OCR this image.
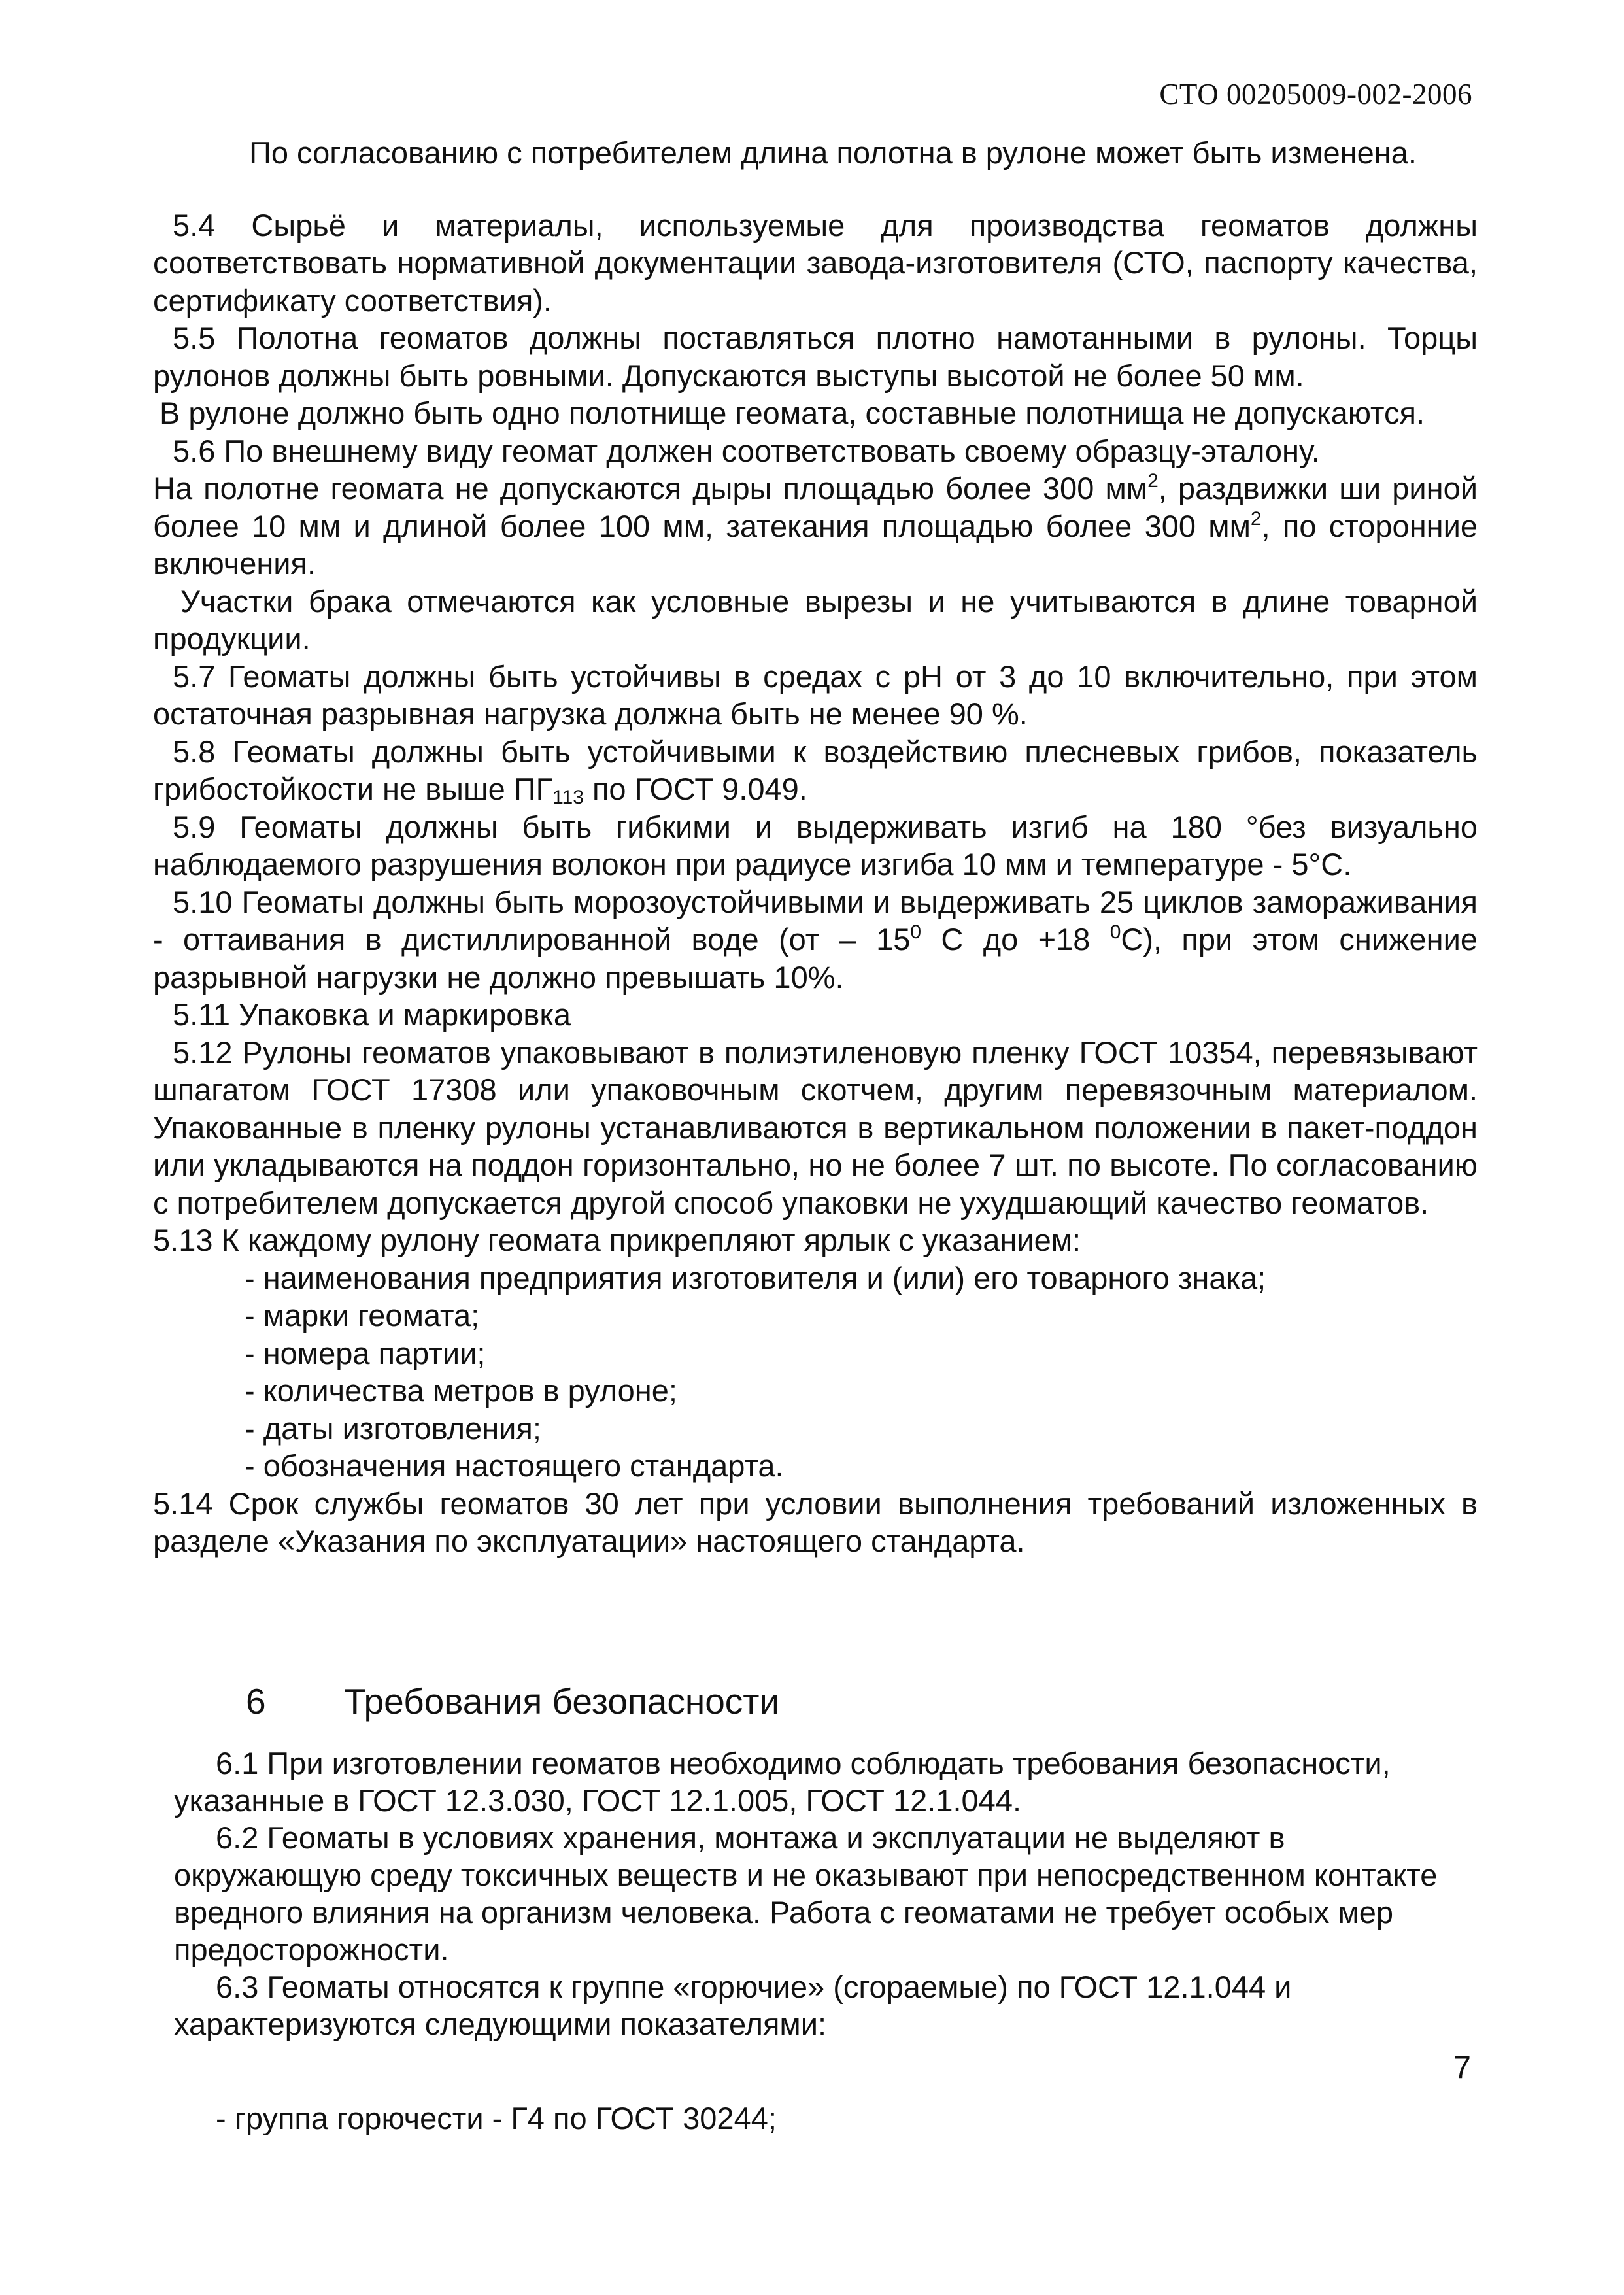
СТО 00205009-002-2006

По согласованию с потребителем длина полотна в рулоне может быть изменена.

5.4 Сырьё и материалы, используемые для производства геоматов должны соответствовать нормативной документации завода-изготовителя (СТО, паспорту качества, сертификату соответствия).

5.5 Полотна геоматов должны поставляться плотно намотанными в рулоны. Торцы рулонов должны быть ровными. Допускаются выступы высотой не более 50 мм.

В рулоне должно быть одно полотнище геомата, составные полотнища не допускаются.

5.6 По внешнему виду геомат должен соответствовать своему образцу-эталону.

На полотне геомата не допускаются дыры площадью более 300 $мм^2$, раздвижки ши риной более 10 мм и длиной более 100 мм, затекания площадью более 300 $мм^2$, по сторонние включения.

Участки брака отмечаются как условные вырезы и не учитываются в длине товарной продукции.

5.7 Геоматы должны быть устойчивы в средах с рН от 3 до 10 включительно, при этом остаточная разрывная нагрузка должна быть не менее 90 %.

5.8 Геоматы должны быть устойчивыми к воздействию плесневых грибов, показатель грибостойкости не выше $ПГ_{113}$ по ГОСТ 9.049.

5.9 Геоматы должны быть гибкими и выдерживать изгиб на 180 °без визуально наблюдаемого разрушения волокон при радиусе изгиба 10 мм и температуре - 5°С.

5.10 Геоматы должны быть морозоустойчивыми и выдерживать 25 циклов замораживания - оттаивания в дистиллированной воде ($от - 15^0$ С до +18 $^0$С), при этом снижение разрывной нагрузки не должно превышать 10%.

5.11 Упаковка и маркировка

5.12 Рулоны геоматов упаковывают в полиэтиленовую пленку ГОСТ 10354, перевязывают шпагатом ГОСТ 17308 или упаковочным скотчем, другим перевязочным материалом. Упакованные в пленку рулоны устанавливаются в вертикальном положении в пакет-поддон или укладываются на поддон горизонтально, но не более 7 шт. по высоте. По согласованию с потребителем допускается другой способ упаковки не ухудшающий качество геоматов.

5.13 К каждому рулону геомата прикрепляют ярлык с указанием:

- наименования предприятия изготовителя и (или) его товарного знака;
- марки геомата;
- номера партии;
- количества метров в рулоне;
- даты изготовления;
- обозначения настоящего стандарта.

5.14 Срок службы геоматов 30 лет при условии выполнения требований изложенных в разделе «Указания по эксплуатации» настоящего стандарта.

6 Требования безопасности

6.1 При изготовлении геоматов необходимо соблюдать требования безопасности, указанные в ГОСТ 12.3.030, ГОСТ 12.1.005, ГОСТ 12.1.044.

6.2 Геоматы в условиях хранения, монтажа и эксплуатации не выделяют в окружающую среду токсичных веществ и не оказывают при непосредственном контакте вредного влияния на организм человека. Работа с геоматами не требует особых мер предосторожности.

6.3 Геоматы относятся к группе «горючие» (сгораемые) по ГОСТ 12.1.044 и характеризуются следующими показателями:

7
- группа горючести - Г4 по ГОСТ 30244;
